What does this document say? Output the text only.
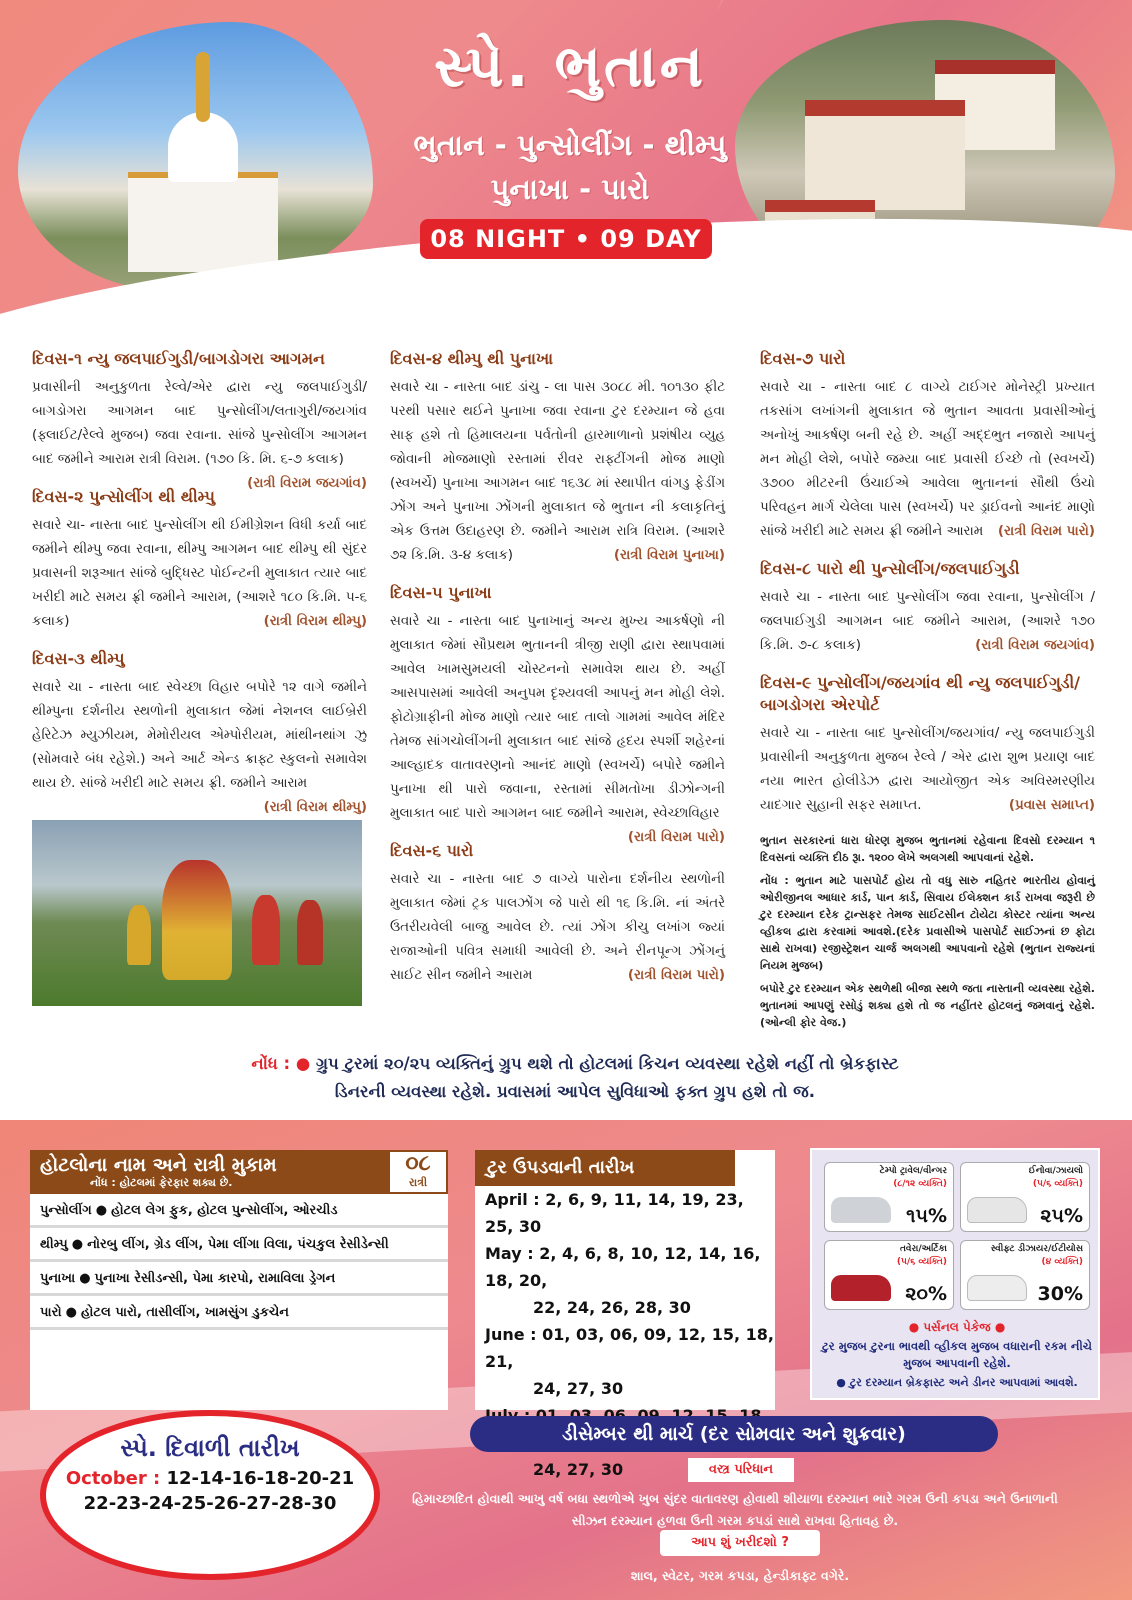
સ્પે. ભુતાન
ભુતાન - પુન્સોલીંગ - થીમ્પુ
પુનાખા - પારો
08 NIGHT • 09 DAY
દિવસ-૧ ન્યુ જલપાઈગુડી/બાગડોગરા આગમન
પ્રવાસીની અનુકુળતા રેલ્વે/એર દ્વારા ન્યુ જલપાઈગુડી/ બાગડોગરા આગમન બાદ પુન્સોલીંગ/લતાગુરી/જયગાંવ (ફ્લાઈટ/રેલ્વે મુજબ) જવા રવાના. સાંજે પુન્સોલીંગ આગમન બાદ જમીને આરામ રાત્રી વિરામ. (૧૭૦ કિ. મિ. ૬-૭ કલાક)
(રાત્રી વિરામ જયગાંવ)
દિવસ-૨ પુન્સોલીંગ થી થીમ્પુ
સવારે ચા- નાસ્તા બાદ પુન્સોલીંગ થી ઈમીગ્રેશન વિધી કર્યા બાદ જમીને થીમ્પુ જવા રવાના, થીમ્પુ આગમન બાદ થીમ્પુ થી સુંદર પ્રવાસની શરૂઆત સાંજે બુદ્ધિસ્ટ પોઈન્ટની મુલાકાત ત્યાર બાદ ખરીદી માટે સમય ફ્રી જમીને આરામ, (આશરે ૧૮૦ કિ.મિ. ૫-૬ કલાક)	(રાત્રી વિરામ થીમ્પુ)
દિવસ-૩ થીમ્પુ
સવારે ચા - નાસ્તા બાદ સ્વેચ્છા વિહાર બપોરે ૧૨ વાગે જમીને થીમ્પુના દર્શનીય સ્થળોની મુલાકાત જેમાં નેશનલ લાઈબ્રેરી હેરિટેઝ મ્યુઝીયમ, મેમોરીયલ એમ્પોરીયમ, માંથીનથાંગ ઝુ (સોમવારે બંધ રહેશે.) અને આર્ટ એન્ડ ક્રાફ્ટ સ્કુલનો સમાવેશ થાય છે. સાંજે ખરીદી માટે સમય ફ્રી. જમીને આરામ
(રાત્રી વિરામ થીમ્પુ)
દિવસ-૪ થીમ્પુ થી પુનાખા
સવારે ચા - નાસ્તા બાદ ડાંચુ - લા પાસ ૩૦૮૮ મી. ૧૦૧૩૦ ફીટ પરથી પસાર થઈને પુનાખા જવા રવાના ટુર દરમ્યાન જે હવા સાફ હશે તો હિમાલયના પર્વતોની હારમાળાનો પ્રશંષીય વ્યુહ જોવાની મોજમાણો રસ્તામાં રીવર રાફ્ટીંગની મોજ માણો (સ્વખર્ચે) પુનાખા આગમન બાદ ૧૬૩૮ માં સ્થાપીત વાંગડુ ફેડીંગ ઝોંગ અને પુનાખા ઝોંગની મુલાકાત જે ભુતાન ની કલાકૃતિનું એક ઉત્તમ ઉદાહરણ છે. જમીને આરામ રાત્રિ વિરામ. (આશરે ૭૨ કિ.મિ. ૩-૪ કલાક)	(રાત્રી વિરામ પુનાખા)
દિવસ-૫ પુનાખા
સવારે ચા - નાસ્તા બાદ પુનાખાનું અન્ય મુખ્ય આકર્ષણો ની મુલાકાત જેમાં સૌપ્રથમ ભુતાનની ત્રીજી રાણી દ્વારા સ્થાપવામાં આવેલ ખામસુમયલી ચોસ્ટનનો સમાવેશ થાય છે. અહીં આસપાસમાં આવેલી અનુપમ દૃશ્યવલી આપનું મન મોહી લેશે. ફોટોગ્રાફીની મોજ માણો ત્યાર બાદ તાલો ગામમાં આવેલ મંદિર તેમજ સાંગચોલીંગની મુલાકાત બાદ સાંજે હૃદય સ્પર્શી શહેરનાં આલ્હાદક વાતાવરણનો આનંદ માણો (સ્વખર્ચે) બપોરે જમીને પુનાખા થી પારો જવાના, રસ્તામાં સીમતોખા ડીઝોન્ગની મુલાકાત બાદ પારો આગમન બાદ જમીને આરામ, સ્વેચ્છાવિહાર
(રાત્રી વિરામ પારો)
દિવસ-૬ પારો
સવારે ચા - નાસ્તા બાદ ૭ વાગ્યે પારોના દર્શનીય સ્થળોની મુલાકાત જેમાં ટ્રક પાલઝોંગ જે પારો થી ૧૬ કિ.મિ. નાં અંતરે ઉતરીયવેલી બાજુ આવેલ છે. ત્યાં ઝોંગ કીચુ લખાંગ જ્યાં રાજાઓની પવિત્ર સમાધી આવેલી છે. અને રીનપૂન્ગ ઝોંગનું સાઈટ સીન જમીને આરામ	(રાત્રી વિરામ પારો)
દિવસ-૭ પારો
સવારે ચા - નાસ્તા બાદ ૮ વાગ્યે ટાઈગર મોનેસ્ટ્રી પ્રખ્યાત તકસાંગ લખાંગની મુલાકાત જે ભુતાન આવતા પ્રવાસીઓનું અનોખું આકર્ષણ બની રહે છે. અહીં અદ્દભુત નજારો આપનું મન મોહી લેશે, બપોરે જમ્યા બાદ પ્રવાસી ઈચ્છે તો (સ્વખર્ચે) ૩૭૦૦ મીટરની ઉંચાઈએ આવેલા ભુતાનનાં સૌથી ઉંચો પરિવહન માર્ગ ચેલેલા પાસ (સ્વખર્ચે) પર ડ્રાઈવનો આનંદ માણો સાંજે ખરીદી માટે સમય ફ્રી જમીને આરામ (રાત્રી વિરામ પારો)
દિવસ-૮ પારો થી પુન્સોલીંગ/જલપાઈગુડી
સવારે ચા - નાસ્તા બાદ પુન્સોલીંગ જવા રવાના, પુન્સોલીંગ /જલપાઈગુડી આગમન બાદ જમીને આરામ, (આશરે ૧૭૦ કિ.મિ. ૭-૮ કલાક)	(રાત્રી વિરામ જયગાંવ)
દિવસ-૯ પુન્સોલીંગ/જયગાંવ થી ન્યુ જલપાઈગુડી/ બાગડોગરા એરપોર્ટ
સવારે ચા - નાસ્તા બાદ પુન્સોલીંગ/જયગાંવ/ ન્યુ જલપાઈગુડી પ્રવાસીની અનુકુળતા મુજબ રેલ્વે / એર દ્વારા શુભ પ્રયાણ બાદ નયા ભારત હોલીડેઝ દ્વારા આયોજીત એક અવિસ્મરણીય યાદગાર સુહાની સફર સમાપ્ત.	(પ્રવાસ સમાપ્ત)
ભુતાન સરકારનાં ધારા ધોરણ મુજબ ભુતાનમાં રહેવાના દિવસો દરમ્યાન ૧ દિવસનાં વ્યક્તિ દીઠ રૂા. ૧૨૦૦ લેખે અલગથી આપવાનાં રહેશે.
નોંધ : ભુતાન માટે પાસપોર્ટ હોય તો વધુ સારુ નહિતર ભારતીય હોવાનું ઓરીજીનલ આધાર કાર્ડ, પાન કાર્ડ, સિવાય ઈલેક્શન કાર્ડ રાખવા જરૂરી છે ટુર દરમ્યાન દરેક ટ્રાન્સફર તેમજ સાઈટસીન ટોયેટા કોસ્ટર ત્યાંના અન્ય વ્હીકલ દ્વારા કરવામાં આવશે.(દરેક પ્રવાસીએ પાસપોર્ટ સાઈઝનાં છ ફોટા સાથે રાખવા) રજીસ્ટ્રેશન ચાર્જ અલગથી આપવાનો રહેશે (ભુતાન રાજ્યનાં નિયમ મુજબ)
બપોરે ટુર દરમ્યાન એક સ્થળેથી બીજા સ્થળે જતા નાસ્તાની વ્યવસ્થા રહેશે. ભુતાનમાં આપણું રસોડું શક્ય હશે તો જ નહીંતર હોટલનું જમવાનું રહેશે. (ઓન્લી ફોર વેજ.)
નોંધ : ● ગ્રુપ ટુરમાં ૨૦/૨૫ વ્યક્તિનું ગ્રુપ થશે તો હોટલમાં કિચન વ્યવસ્થા રહેશે નહીં તો બ્રેકફાસ્ટ
ડિનરની વ્યવસ્થા રહેશે. પ્રવાસમાં આપેલ સુવિધાઓ ફક્ત ગ્રુપ હશે તો જ.
હોટલોના નામ અને રાત્રી મુકામ
નોંધ : હોટલમાં ફેરફાર શક્ય છે.
૦૮
રાત્રી
પુન્સોલીંગ ● હોટલ લેગ ફુક, હોટલ પુન્સોલીંગ, ઓરચીડ
થીમ્પુ ● નોરબુ લીંગ, ગ્રેડ લીંગ, પેમા લીંગા વિલા, પંચકુલ રેસીડેન્સી
પુનાખા ● પુનાખા રેસીડન્સી, પેમા કારપો, રામાવિલા ડ્રેગન
પારો ● હોટલ પારો, તાસીલીંગ, ખામસુંગ ડુકચેન
ટુર ઉપડવાની તારીખ
April : 2, 6, 9, 11, 14, 19, 23, 25, 30
May : 2, 4, 6, 8, 10, 12, 14, 16, 18, 20,
22, 24, 26, 28, 30
June : 01, 03, 06, 09, 12, 15, 18, 21,
24, 27, 30
24, 27, 30
ટેમ્પો ટ્રાવેલ/વીન્ગર
(૮/૧૨ વ્યક્તિ)
૧૫%
ઈનોવા/ઝાયલો
(૫/૬ વ્યક્તિ)
૨૫%
તવેરા/અર્ટિકા
(૫/૬ વ્યક્તિ)
૨૦%
સ્વીફ્ટ ડીઝાયર/ઈટીયોસ
(૪ વ્યક્તિ)
30%
● પર્સનલ પેકેજ ●
ટુર મુજબ ટુરના ભાવથી વ્હીકલ મુજબ વધારાની રકમ નીચે મુજબ આપવાની રહેશે.
● ટુર દરમ્યાન બ્રેકફાસ્ટ અને ડીનર આપવામાં આવશે.
ડીસેમ્બર થી માર્ચ (દર સોમવાર અને શુક્રવાર)
વસ્ત્ર પરિધાન
હિમાચ્છાદિત હોવાથી આખુ વર્ષ બધા સ્થળોએ ખુબ સુંદર વાતાવરણ હોવાથી શીયાળા દરમ્યાન ભારે ગરમ ઉની કપડા અને ઉનાળાની સીઝન દરમ્યાન હળવા ઉની ગરમ કપડાં સાથે રાખવા હિતાવહ છે.
આપ શું ખરીદશો ?
શાલ, સ્વેટર, ગરમ કપડા, હેન્ડીકાફ્ટ વગેરે.
સ્પે. દિવાળી તારીખ
October : 12-14-16-18-20-21
22-23-24-25-26-27-28-30
